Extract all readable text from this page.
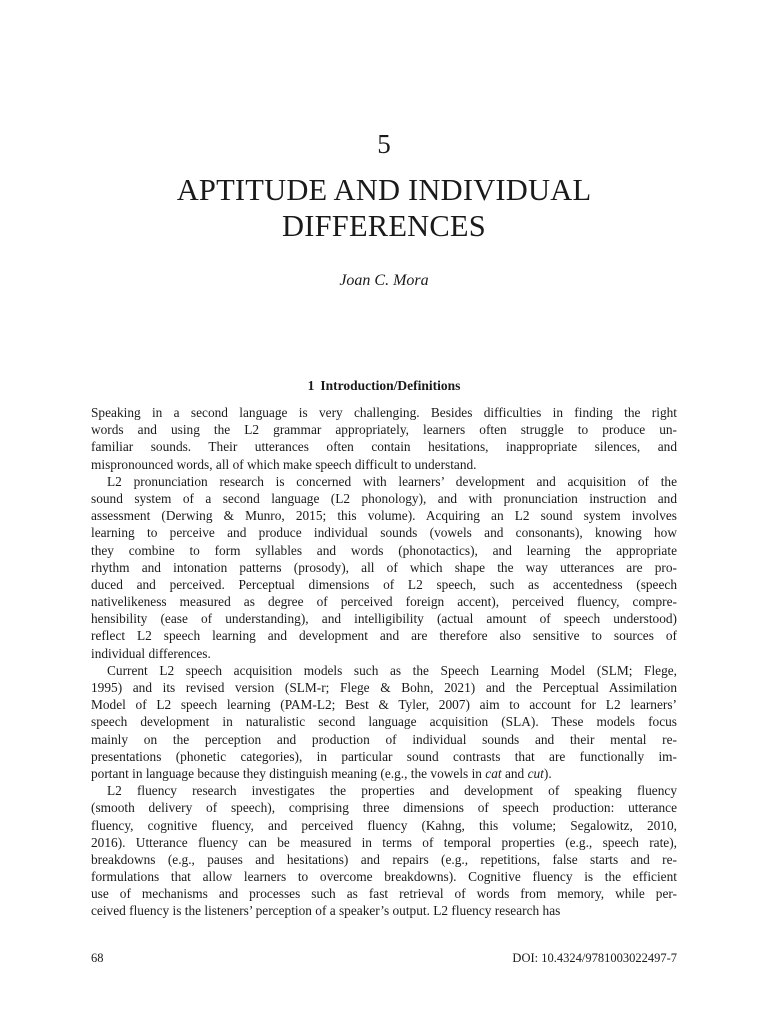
5
APTITUDE AND INDIVIDUAL
DIFFERENCES
Joan C. Mora
1 Introduction/Definitions
Speaking in a second language is very challenging. Besides difficulties in finding the right
words and using the L2 grammar appropriately, learners often struggle to produce un-
familiar sounds. Their utterances often contain hesitations, inappropriate silences, and
mispronounced words, all of which make speech difficult to understand.
L2 pronunciation research is concerned with learners’ development and acquisition of the
sound system of a second language (L2 phonology), and with pronunciation instruction and
assessment (Derwing & Munro, 2015; this volume). Acquiring an L2 sound system involves
learning to perceive and produce individual sounds (vowels and consonants), knowing how
they combine to form syllables and words (phonotactics), and learning the appropriate
rhythm and intonation patterns (prosody), all of which shape the way utterances are pro-
duced and perceived. Perceptual dimensions of L2 speech, such as accentedness (speech
nativelikeness measured as degree of perceived foreign accent), perceived fluency, compre-
hensibility (ease of understanding), and intelligibility (actual amount of speech understood)
reflect L2 speech learning and development and are therefore also sensitive to sources of
individual differences.
Current L2 speech acquisition models such as the Speech Learning Model (SLM; Flege,
1995) and its revised version (SLM-r; Flege & Bohn, 2021) and the Perceptual Assimilation
Model of L2 speech learning (PAM-L2; Best & Tyler, 2007) aim to account for L2 learners’
speech development in naturalistic second language acquisition (SLA). These models focus
mainly on the perception and production of individual sounds and their mental re-
presentations (phonetic categories), in particular sound contrasts that are functionally im-
portant in language because they distinguish meaning (e.g., the vowels in cat and cut).
L2 fluency research investigates the properties and development of speaking fluency
(smooth delivery of speech), comprising three dimensions of speech production: utterance
fluency, cognitive fluency, and perceived fluency (Kahng, this volume; Segalowitz, 2010,
2016). Utterance fluency can be measured in terms of temporal properties (e.g., speech rate),
breakdowns (e.g., pauses and hesitations) and repairs (e.g., repetitions, false starts and re-
formulations that allow learners to overcome breakdowns). Cognitive fluency is the efficient
use of mechanisms and processes such as fast retrieval of words from memory, while per-
ceived fluency is the listeners’ perception of a speaker’s output. L2 fluency research has
68	DOI: 10.4324/9781003022497-7
